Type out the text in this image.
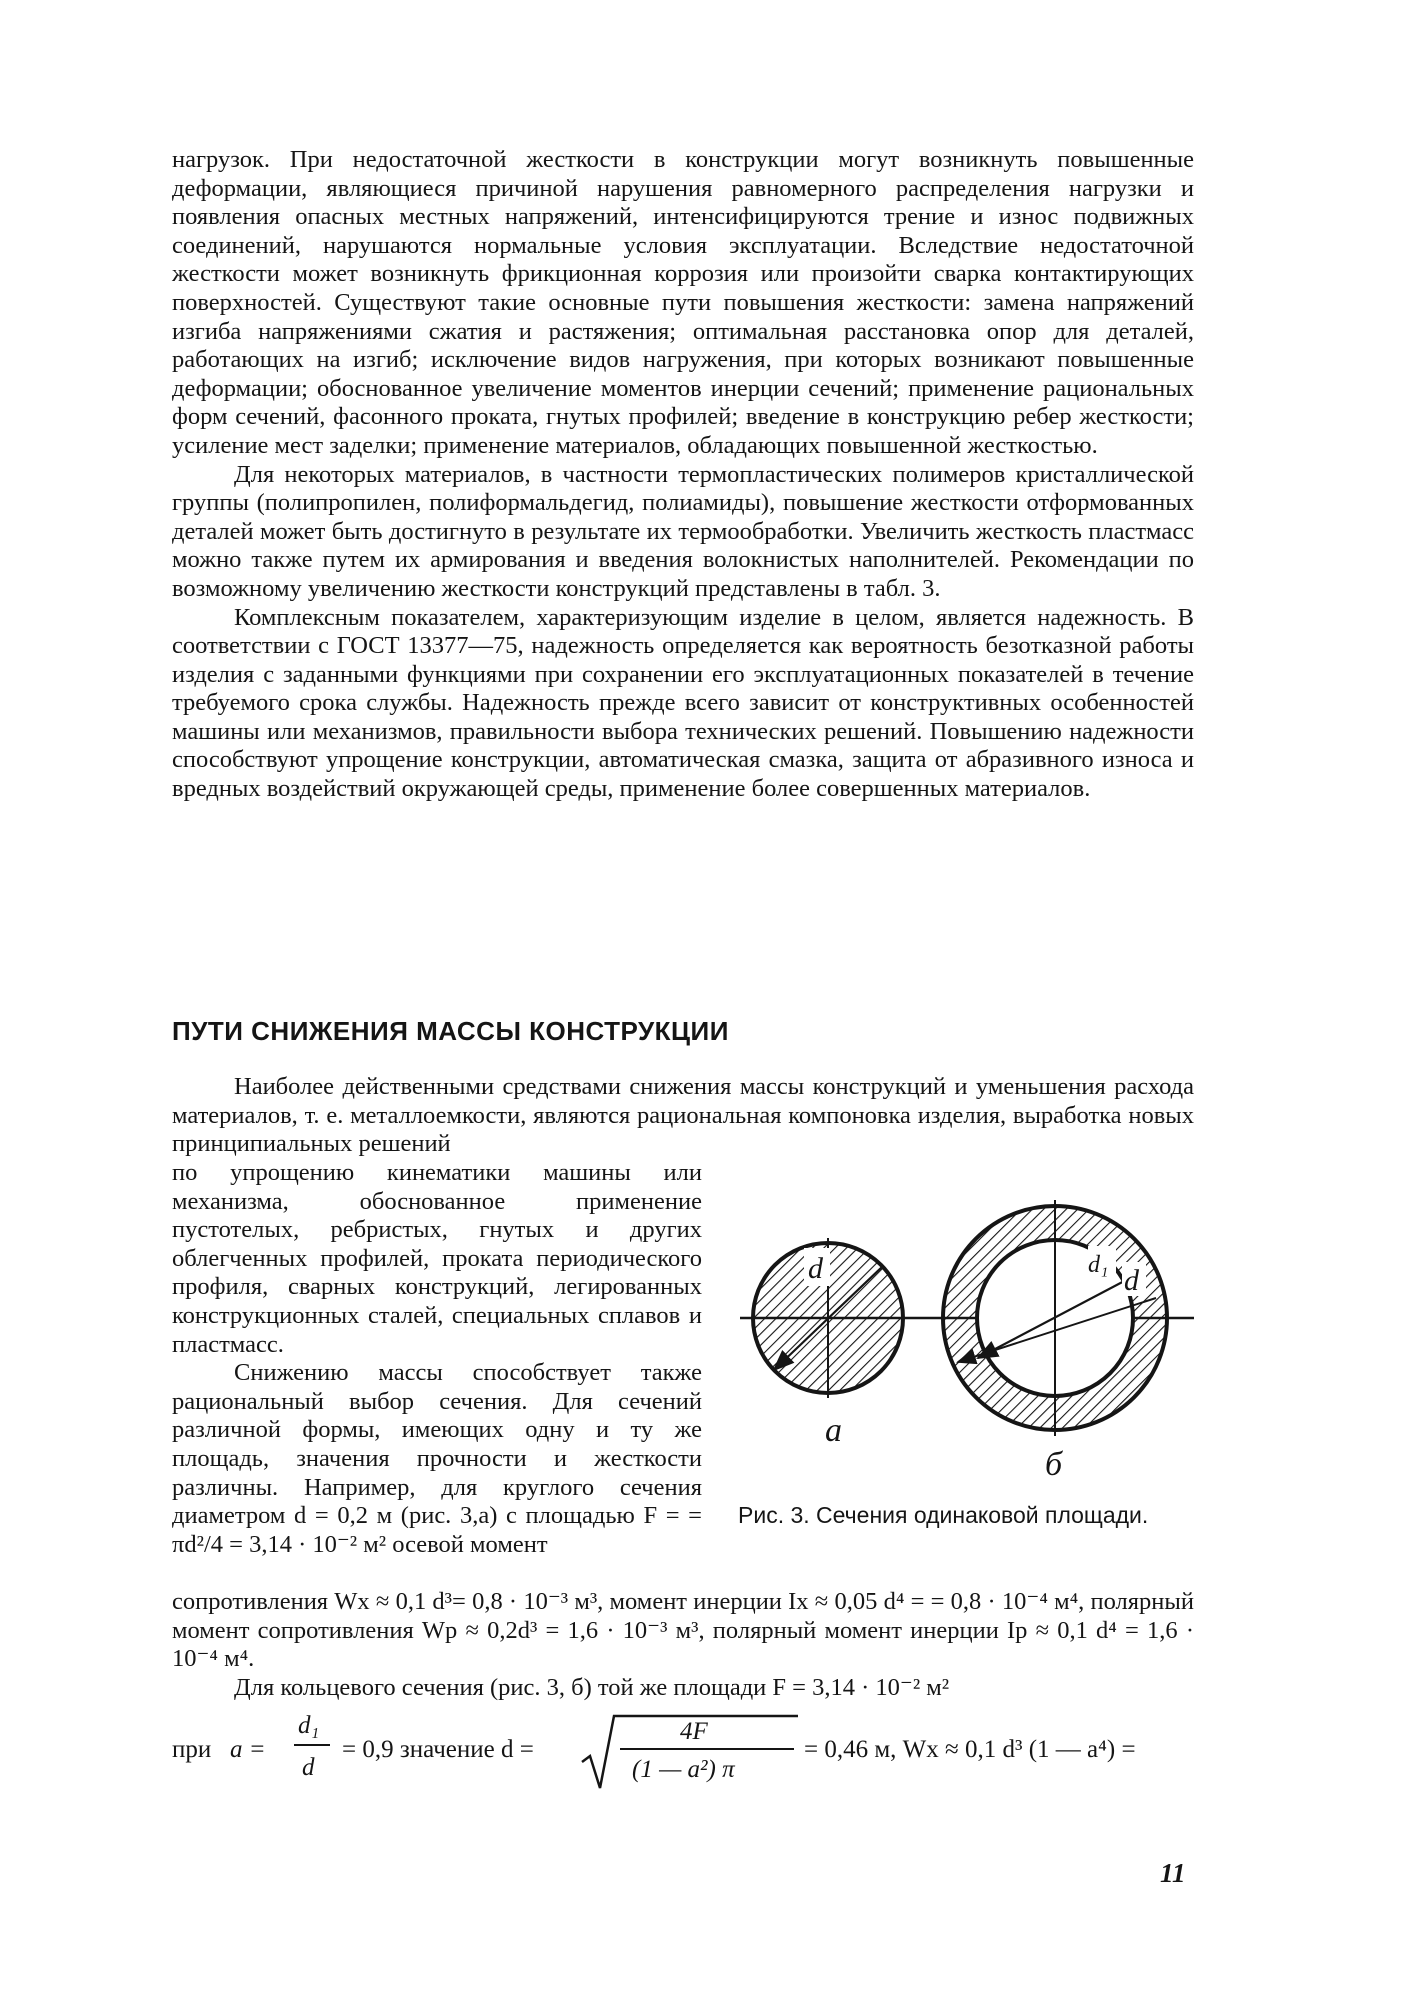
нагрузок. При недостаточной жесткости в конструкции могут возникнуть повышенные деформации, являющиеся причиной нарушения равномерного распределения нагрузки и появления опасных местных напряжений, интенсифицируются трение и износ подвижных соединений, нарушаются нормальные условия эксплуатации. Вследствие недостаточной жесткости может возникнуть фрикционная коррозия или произойти сварка контактирующих поверхностей. Существуют такие основные пути повышения жесткости: замена напряжений изгиба напряжениями сжатия и растяжения; оптимальная расстановка опор для деталей, работающих на изгиб; исключение видов нагружения, при которых возникают повышенные деформации; обоснованное увеличение моментов инерции сечений; применение рациональных форм сечений, фасонного проката, гнутых профилей; введение в конструкцию ребер жесткости; усиление мест заделки; применение материалов, обладающих повышенной жесткостью.

Для некоторых материалов, в частности термопластических полимеров кристаллической группы (полипропилен, полиформальдегид, полиамиды), повышение жесткости отформованных деталей может быть достигнуто в результате их термообработки. Увеличить жесткость пластмасс можно также путем их армирования и введения волокнистых наполнителей. Рекомендации по возможному увеличению жесткости конструкций представлены в табл. 3.

Комплексным показателем, характеризующим изделие в целом, является надежность. В соответствии с ГОСТ 13377—75, надежность определяется как вероятность безотказной работы изделия с заданными функциями при сохранении его эксплуатационных показателей в течение требуемого срока службы. Надежность прежде всего зависит от конструктивных особенностей машины или механизмов, правильности выбора технических решений. Повышению надежности способствуют упрощение конструкции, автоматическая смазка, защита от абразивного износа и вредных воздействий окружающей среды, применение более совершенных материалов.

ПУТИ СНИЖЕНИЯ МАССЫ КОНСТРУКЦИИ

Наиболее действенными средствами снижения массы конструкций и уменьшения расхода материалов, т. е. металлоемкости, являются рациональная компоновка изделия, выработка новых принципиальных решений

по упрощению кинематики машины или механизма, обоснованное применение пустотелых, ребристых, гнутых и других облегченных профилей, проката периодического профиля, сварных конструкций, легированных конструкционных сталей, специальных сплавов и пластмасс.

Снижению массы способствует также рациональный выбор сечения. Для сечений различной формы, имеющих одну и ту же площадь, значения прочности и жесткости различны. Например, для круглого сечения диаметром d = 0,2 м (рис. 3,а) с площадью F = = πd²/4 = 3,14 · 10⁻² м² осевой момент

d	d₁ d

а

б

Рис. 3. Сечения одинаковой площади.

сопротивления Wx ≈ 0,1 d³= 0,8 · 10⁻³ м³, момент инерции Ix ≈ 0,05 d⁴ = = 0,8 · 10⁻⁴ м⁴, полярный момент сопротивления Wp ≈ 0,2d³ = 1,6 · 10⁻³ м³, полярный момент инерции Ip ≈ 0,1 d⁴ = 1,6 · 10⁻⁴ м⁴.

Для кольцевого сечения (рис. 3, б) той же площади F = 3,14 · 10⁻² м²

при a =
d₁
d
= 0,9 значение d =
4F
(1 — a²) π
= 0,46 м, Wx ≈ 0,1 d³ (1 — a⁴) =

11
